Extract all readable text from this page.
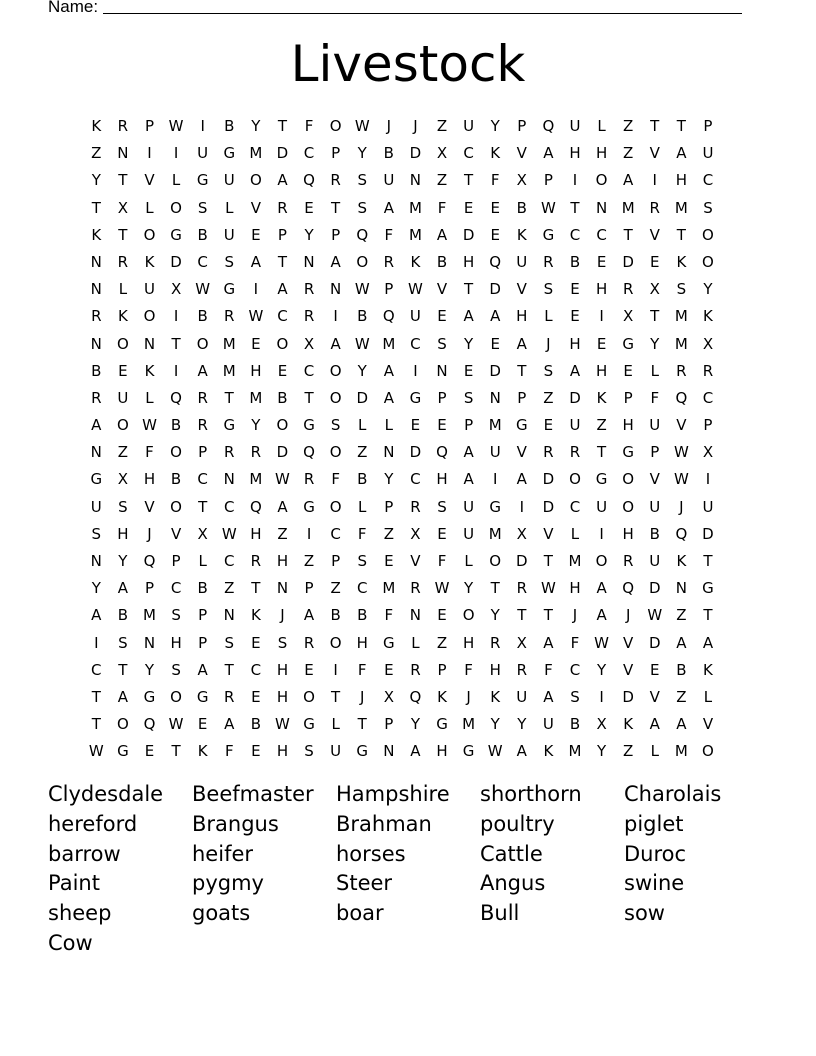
Name:
Livestock
K	R	P W	I	B	Y	T	F	O W	J	J	Z	U	Y	P	Q	U	L	Z	T	T	P
Z	N	I	I	U	G M D	C	P	Y	B	D	X	C	K	V	A	H	H	Z	V	A	U
Y	T	V	L	G	U	O	A	Q	R	S	U	N	Z	T	F	X	P	I	O	A	I	H	C
T	X	L	O	S	L	V	R	E	T	S	A M	F	E	E	B W T	N M R M	S
K	T	O G	B	U	E	P	Y	P	Q	F	M A	D	E	K	G	C	C	T	V	T	O
N	R	K	D	C	S	A	T	N	A	O	R	K	B	H	Q	U	R	B	E	D	E	K	O
N	L	U	X W G	I	A	R	N W P W V	T	D	V	S	E	H	R	X	S	Y
R	K	O	I	B	R W C	R	I	B	Q	U	E	A	A	H	L	E	I	X	T	M	K
N	O	N	T	O M	E	O	X	A W M C	S	Y	E	A	J	H	E	G	Y	M X
B	E	K	I	A M H	E	C	O	Y	A	I	N	E	D	T	S	A	H	E	L	R	R
R	U	L	Q	R	T	M B	T	O D	A	G	P	S	N	P	Z	D	K	P	F	Q	C
A	O W B	R	G	Y	O G	S	L	L	E	E	P	M G	E	U	Z	H	U	V	P
N	Z	F	O	P	R	R	D Q O	Z	N	D Q	A	U	V	R	R	T	G	P W X
G	X	H	B	C	N M W R	F	B	Y	C	H	A	I	A	D O G O	V W	I
U	S	V	O	T	C	Q	A	G O	L	P	R	S	U	G	I	D	C	U	O	U	J	U
S	H	J	V	X W H	Z	I	C	F	Z	X	E	U M X	V	L	I	H	B	Q D
N	Y	Q	P	L	C	R	H	Z	P	S	E	V	F	L	O D	T	M O	R	U	K	T
Y	A	P	C	B	Z	T	N	P	Z	C M R W Y	T	R W H	A	Q D	N	G
A	B M	S	P	N	K	J	A	B	B	F	N	E	O	Y	T	T	J	A	J	W Z	T
I	S	N	H	P	S	E	S	R	O	H	G	L	Z	H	R	X	A	F W V	D	A	A
C	T	Y	S	A	T	C	H	E	I	F	E	R	P	F	H	R	F	C	Y	V	E	B	K
T	A	G O G	R	E	H	O	T	J	X	Q	K	J	K	U	A	S	I	D	V	Z	L
T	O Q W E	A	B W G	L	T	P	Y	G M	Y	Y	U	B	X	K	A	A	V
W G	E	T	K	F	E	H	S	U	G	N	A	H	G W A	K	M	Y	Z	L	M O
Clydesdale	Beefmaster	Hampshire	shorthorn	Charolais
hereford	Brangus	Brahman	poultry	piglet
barrow	heifer	horses	Cattle	Duroc
Paint	pygmy	Steer	Angus	swine
sheep	goats	boar	Bull	sow
Cow
